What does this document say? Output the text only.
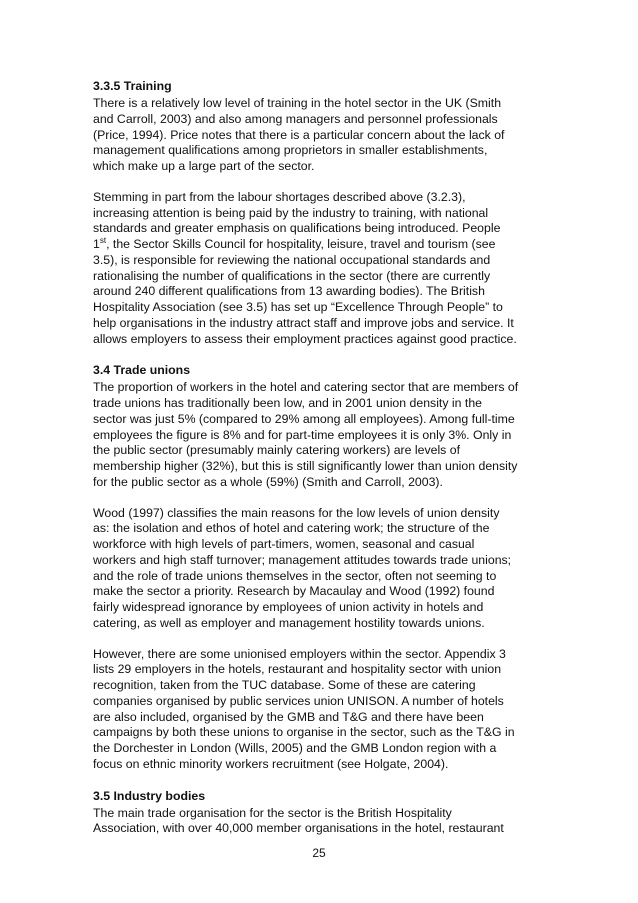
3.3.5 Training

There is a relatively low level of training in the hotel sector in the UK (Smith
and Carroll, 2003) and also among managers and personnel professionals
(Price, 1994). Price notes that there is a particular concern about the lack of
management qualifications among proprietors in smaller establishments,
which make up a large part of the sector.

Stemming in part from the labour shortages described above (3.2.3),
increasing attention is being paid by the industry to training, with national
standards and greater emphasis on qualifications being introduced. People
1st, the Sector Skills Council for hospitality, leisure, travel and tourism (see
3.5), is responsible for reviewing the national occupational standards and
rationalising the number of qualifications in the sector (there are currently
around 240 different qualifications from 13 awarding bodies). The British
Hospitality Association (see 3.5) has set up “Excellence Through People” to
help organisations in the industry attract staff and improve jobs and service. It
allows employers to assess their employment practices against good practice.

3.4 Trade unions

The proportion of workers in the hotel and catering sector that are members of
trade unions has traditionally been low, and in 2001 union density in the
sector was just 5% (compared to 29% among all employees). Among full-time
employees the figure is 8% and for part-time employees it is only 3%. Only in
the public sector (presumably mainly catering workers) are levels of
membership higher (32%), but this is still significantly lower than union density
for the public sector as a whole (59%) (Smith and Carroll, 2003).

Wood (1997) classifies the main reasons for the low levels of union density
as: the isolation and ethos of hotel and catering work; the structure of the
workforce with high levels of part-timers, women, seasonal and casual
workers and high staff turnover; management attitudes towards trade unions;
and the role of trade unions themselves in the sector, often not seeming to
make the sector a priority. Research by Macaulay and Wood (1992) found
fairly widespread ignorance by employees of union activity in hotels and
catering, as well as employer and management hostility towards unions.

However, there are some unionised employers within the sector. Appendix 3
lists 29 employers in the hotels, restaurant and hospitality sector with union
recognition, taken from the TUC database. Some of these are catering
companies organised by public services union UNISON. A number of hotels
are also included, organised by the GMB and T&G and there have been
campaigns by both these unions to organise in the sector, such as the T&G in
the Dorchester in London (Wills, 2005) and the GMB London region with a
focus on ethnic minority workers recruitment (see Holgate, 2004).

3.5 Industry bodies

The main trade organisation for the sector is the British Hospitality
Association, with over 40,000 member organisations in the hotel, restaurant

25
